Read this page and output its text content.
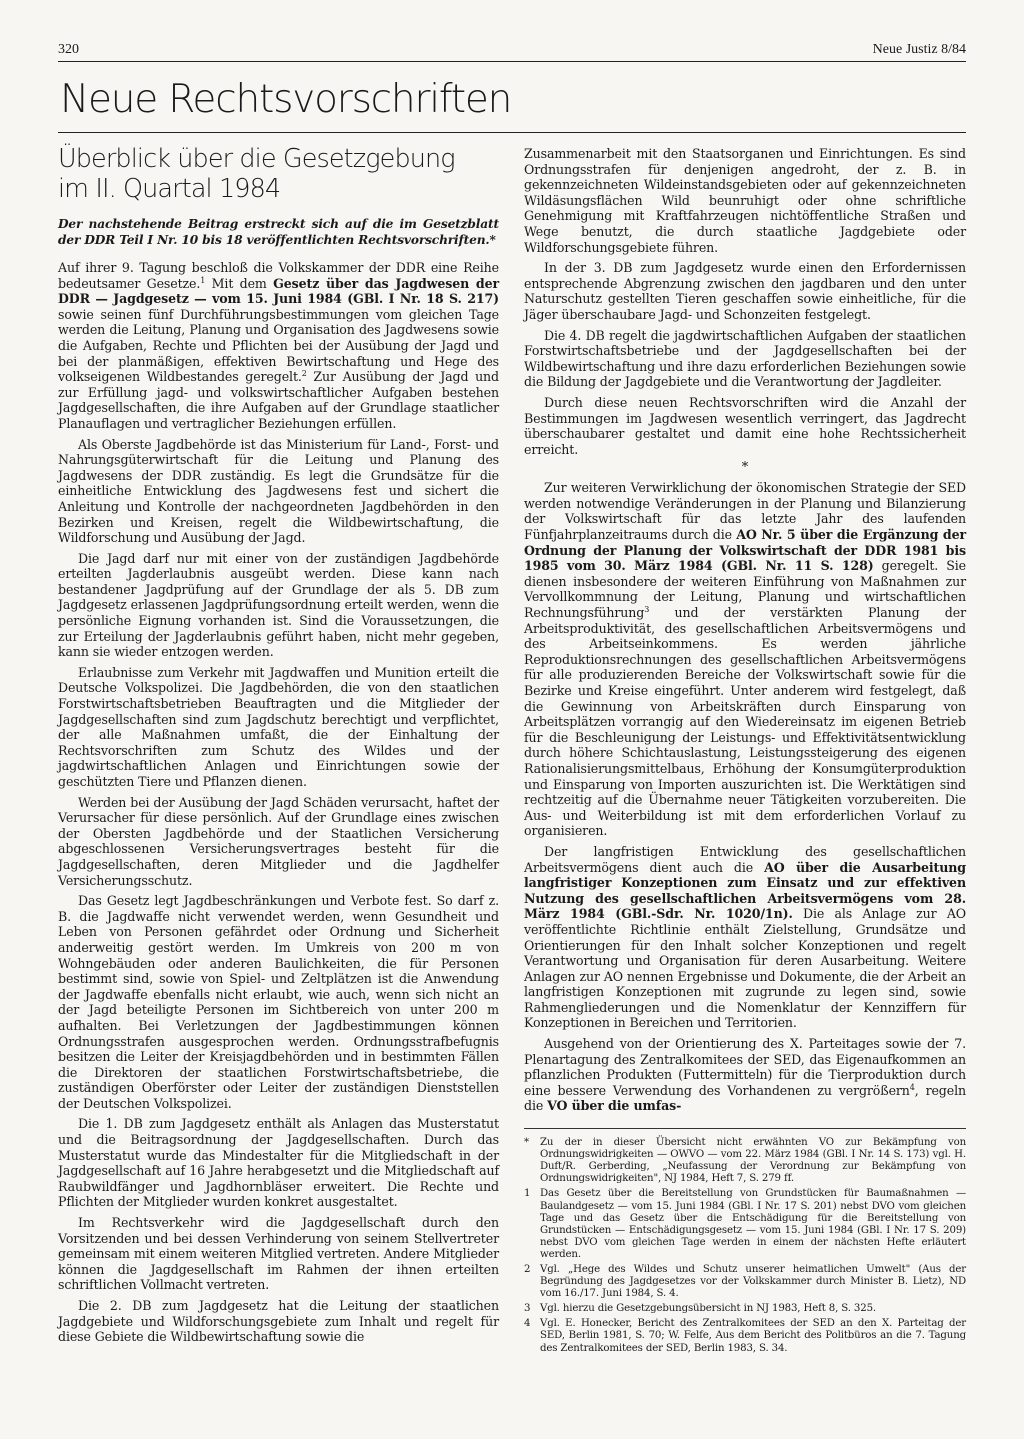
320	Neue Justiz 8/84
Neue Rechtsvorschriften
Überblick über die Gesetzgebung
im II. Quartal 1984

Der nachstehende Beitrag erstreckt sich auf die im Gesetzblatt der DDR Teil I Nr. 10 bis 18 veröffentlichten Rechtsvorschriften.*

Auf ihrer 9. Tagung beschloß die Volkskammer der DDR eine Reihe bedeutsamer Gesetze.$^1$ Mit dem Gesetz über das Jagdwesen der DDR — Jagdgesetz — vom 15. Juni 1984 (GBl. I Nr. 18 S. 217) sowie seinen fünf Durchführungsbestimmungen vom gleichen Tage werden die Leitung, Planung und Organisation des Jagdwesens sowie die Aufgaben, Rechte und Pflichten bei der Ausübung der Jagd und bei der planmäßigen, effektiven Bewirtschaftung und Hege des volkseigenen Wildbestandes geregelt.$^2$ Zur Ausübung der Jagd und zur Erfüllung jagd- und volkswirtschaftlicher Aufgaben bestehen Jagdgesellschaften, die ihre Aufgaben auf der Grundlage staatlicher Planauflagen und vertraglicher Beziehungen erfüllen.

Als Oberste Jagdbehörde ist das Ministerium für Land-, Forst- und Nahrungsgüterwirtschaft für die Leitung und Planung des Jagdwesens der DDR zuständig. Es legt die Grundsätze für die einheitliche Entwicklung des Jagdwesens fest und sichert die Anleitung und Kontrolle der nachgeordneten Jagdbehörden in den Bezirken und Kreisen, regelt die Wildbewirtschaftung, die Wildforschung und Ausübung der Jagd.

Die Jagd darf nur mit einer von der zuständigen Jagdbehörde erteilten Jagderlaubnis ausgeübt werden. Diese kann nach bestandener Jagdprüfung auf der Grundlage der als 5. DB zum Jagdgesetz erlassenen Jagdprüfungsordnung erteilt werden, wenn die persönliche Eignung vorhanden ist. Sind die Voraussetzungen, die zur Erteilung der Jagderlaubnis geführt haben, nicht mehr gegeben, kann sie wieder entzogen werden.

Erlaubnisse zum Verkehr mit Jagdwaffen und Munition erteilt die Deutsche Volkspolizei. Die Jagdbehörden, die von den staatlichen Forstwirtschaftsbetrieben Beauftragten und die Mitglieder der Jagdgesellschaften sind zum Jagdschutz berechtigt und verpflichtet, der alle Maßnahmen umfaßt, die der Einhaltung der Rechtsvorschriften zum Schutz des Wildes und der jagdwirtschaftlichen Anlagen und Einrichtungen sowie der geschützten Tiere und Pflanzen dienen.

Werden bei der Ausübung der Jagd Schäden verursacht, haftet der Verursacher für diese persönlich. Auf der Grundlage eines zwischen der Obersten Jagdbehörde und der Staatlichen Versicherung abgeschlossenen Versicherungsvertrages besteht für die Jagdgesellschaften, deren Mitglieder und die Jagdhelfer Versicherungsschutz.

Das Gesetz legt Jagdbeschränkungen und Verbote fest. So darf z. B. die Jagdwaffe nicht verwendet werden, wenn Gesundheit und Leben von Personen gefährdet oder Ordnung und Sicherheit anderweitig gestört werden. Im Umkreis von 200 m von Wohngebäuden oder anderen Baulichkeiten, die für Personen bestimmt sind, sowie von Spiel- und Zeltplätzen ist die Anwendung der Jagdwaffe ebenfalls nicht erlaubt, wie auch, wenn sich nicht an der Jagd beteiligte Personen im Sichtbereich von unter 200 m aufhalten. Bei Verletzungen der Jagdbestimmungen können Ordnungsstrafen ausgesprochen werden. Ordnungsstrafbefugnis besitzen die Leiter der Kreisjagdbehörden und in bestimmten Fällen die Direktoren der staatlichen Forstwirtschaftsbetriebe, die zuständigen Oberförster oder Leiter der zuständigen Dienststellen der Deutschen Volkspolizei.

Die 1. DB zum Jagdgesetz enthält als Anlagen das Musterstatut und die Beitragsordnung der Jagdgesellschaften. Durch das Musterstatut wurde das Mindestalter für die Mitgliedschaft in der Jagdgesellschaft auf 16 Jahre herabgesetzt und die Mitgliedschaft auf Raubwildfänger und Jagdhornbläser erweitert. Die Rechte und Pflichten der Mitglieder wurden konkret ausgestaltet.

Im Rechtsverkehr wird die Jagdgesellschaft durch den Vorsitzenden und bei dessen Verhinderung von seinem Stellvertreter gemeinsam mit einem weiteren Mitglied vertreten. Andere Mitglieder können die Jagdgesellschaft im Rahmen der ihnen erteilten schriftlichen Vollmacht vertreten.

Die 2. DB zum Jagdgesetz hat die Leitung der staatlichen Jagdgebiete und Wildforschungsgebiete zum Inhalt und regelt für diese Gebiete die Wildbewirtschaftung sowie die

Zusammenarbeit mit den Staatsorganen und Einrichtungen. Es sind Ordnungsstrafen für denjenigen angedroht, der z. B. in gekennzeichneten Wildeinstandsgebieten oder auf gekennzeichneten Wildäsungsflächen Wild beunruhigt oder ohne schriftliche Genehmigung mit Kraftfahrzeugen nichtöffentliche Straßen und Wege benutzt, die durch staatliche Jagdgebiete oder Wildforschungsgebiete führen.

In der 3. DB zum Jagdgesetz wurde einen den Erfordernissen entsprechende Abgrenzung zwischen den jagdbaren und den unter Naturschutz gestellten Tieren geschaffen sowie einheitliche, für die Jäger überschaubare Jagd- und Schonzeiten festgelegt.

Die 4. DB regelt die jagdwirtschaftlichen Aufgaben der staatlichen Forstwirtschaftsbetriebe und der Jagdgesellschaften bei der Wildbewirtschaftung und ihre dazu erforderlichen Beziehungen sowie die Bildung der Jagdgebiete und die Verantwortung der Jagdleiter.

Durch diese neuen Rechtsvorschriften wird die Anzahl der Bestimmungen im Jagdwesen wesentlich verringert, das Jagdrecht überschaubarer gestaltet und damit eine hohe Rechtssicherheit erreicht.

*

Zur weiteren Verwirklichung der ökonomischen Strategie der SED werden notwendige Veränderungen in der Planung und Bilanzierung der Volkswirtschaft für das letzte Jahr des laufenden Fünfjahrplanzeitraums durch die AO Nr. 5 über die Ergänzung der Ordnung der Planung der Volkswirtschaft der DDR 1981 bis 1985 vom 30. März 1984 (GBl. Nr. 11 S. 128) geregelt. Sie dienen insbesondere der weiteren Einführung von Maßnahmen zur Vervollkommnung der Leitung, Planung und wirtschaftlichen Rechnungsführung$^3$ und der verstärkten Planung der Arbeitsproduktivität, des gesellschaftlichen Arbeitsvermögens und des Arbeitseinkommens. Es werden jährliche Reproduktionsrechnungen des gesellschaftlichen Arbeitsvermögens für alle produzierenden Bereiche der Volkswirtschaft sowie für die Bezirke und Kreise eingeführt. Unter anderem wird festgelegt, daß die Gewinnung von Arbeitskräften durch Einsparung von Arbeitsplätzen vorrangig auf den Wiedereinsatz im eigenen Betrieb für die Beschleunigung der Leistungs- und Effektivitätsentwicklung durch höhere Schichtauslastung, Leistungssteigerung des eigenen Rationalisierungsmittelbaus, Erhöhung der Konsumgüterproduktion und Einsparung von Importen auszurichten ist. Die Werktätigen sind rechtzeitig auf die Übernahme neuer Tätigkeiten vorzubereiten. Die Aus- und Weiterbildung ist mit dem erforderlichen Vorlauf zu organisieren.

Der langfristigen Entwicklung des gesellschaftlichen Arbeitsvermögens dient auch die AO über die Ausarbeitung langfristiger Konzeptionen zum Einsatz und zur effektiven Nutzung des gesellschaftlichen Arbeitsvermögens vom 28. März 1984 (GBl.-Sdr. Nr. 1020/1n). Die als Anlage zur AO veröffentlichte Richtlinie enthält Zielstellung, Grundsätze und Orientierungen für den Inhalt solcher Konzeptionen und regelt Verantwortung und Organisation für deren Ausarbeitung. Weitere Anlagen zur AO nennen Ergebnisse und Dokumente, die der Arbeit an langfristigen Konzeptionen mit zugrunde zu legen sind, sowie Rahmengliederungen und die Nomenklatur der Kennziffern für Konzeptionen in Bereichen und Territorien.

Ausgehend von der Orientierung des X. Parteitages sowie der 7. Plenartagung des Zentralkomitees der SED, das Eigenaufkommen an pflanzlichen Produkten (Futtermitteln) für die Tierproduktion durch eine bessere Verwendung des Vorhandenen zu vergrößern$^4$, regeln die VO über die umfas-

*	Zu der in dieser Übersicht nicht erwähnten VO zur Bekämpfung von Ordnungswidrigkeiten — OWVO — vom 22. März 1984 (GBl. I Nr. 14 S. 173) vgl. H. Duft/R. Gerberding, „Neufassung der Verordnung zur Bekämpfung von Ordnungswidrigkeiten", NJ 1984, Heft 7, S. 279 ff.
1 Das Gesetz über die Bereitstellung von Grundstücken für Baumaßnahmen — Baulandgesetz — vom 15. Juni 1984 (GBl. I Nr. 17 S. 201) nebst DVO vom gleichen Tage und das Gesetz über die Entschädigung für die Bereitstellung von Grundstücken — Entschädigungsgesetz — vom 15. Juni 1984 (GBl. I Nr. 17 S. 209) nebst DVO vom gleichen Tage werden in einem der nächsten Hefte erläutert werden.
2 Vgl. „Hege des Wildes und Schutz unserer heimatlichen Umwelt" (Aus der Begründung des Jagdgesetzes vor der Volkskammer durch Minister B. Lietz), ND vom 16./17. Juni 1984, S. 4.
3 Vgl. hierzu die Gesetzgebungsübersicht in NJ 1983, Heft 8, S. 325.
4 Vgl. E. Honecker, Bericht des Zentralkomitees der SED an den X. Parteitag der SED, Berlin 1981, S. 70; W. Felfe, Aus dem Bericht des Politbüros an die 7. Tagung des Zentralkomitees der SED, Berlin 1983, S. 34.
